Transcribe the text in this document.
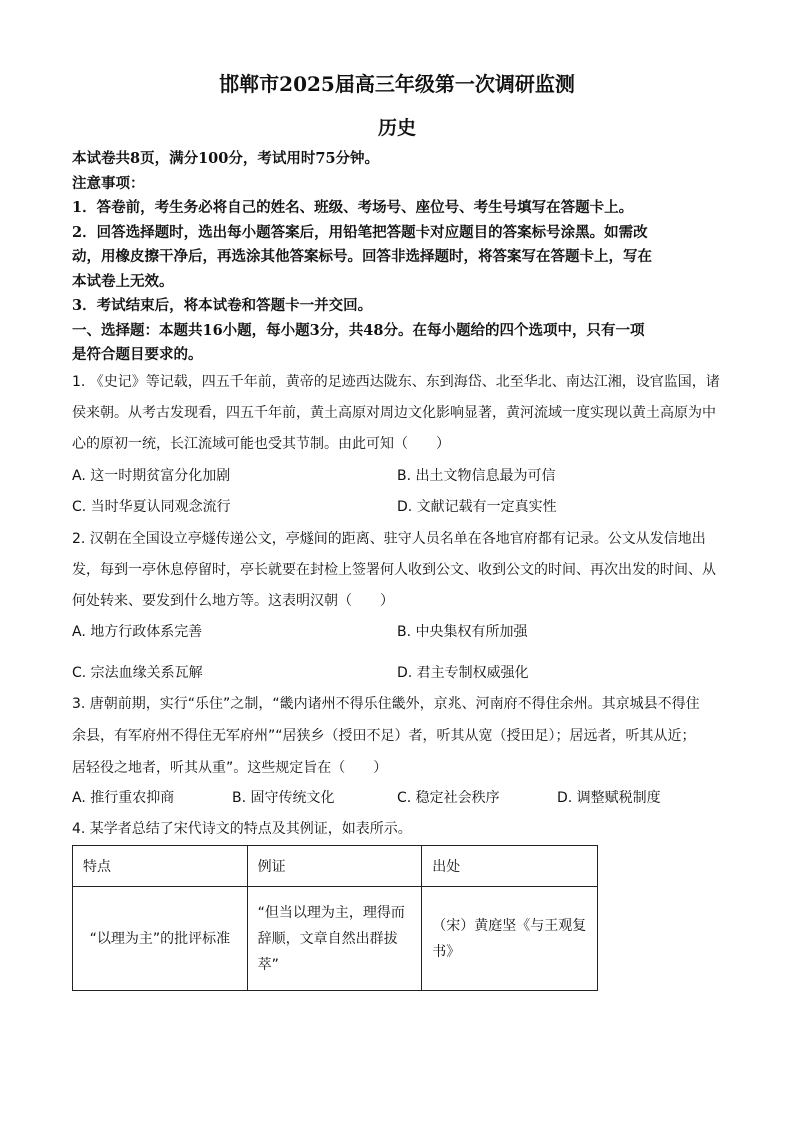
邯郸市2025届高三年级第一次调研监测
历史
本试卷共8页，满分100分，考试用时75分钟。
注意事项：
1．答卷前，考生务必将自己的姓名、班级、考场号、座位号、考生号填写在答题卡上。
2．回答选择题时，选出每小题答案后，用铅笔把答题卡对应题目的答案标号涂黑。如需改
动，用橡皮擦干净后，再选涂其他答案标号。回答非选择题时，将答案写在答题卡上，写在
本试卷上无效。
3．考试结束后，将本试卷和答题卡一并交回。
一、选择题：本题共16小题，每小题3分，共48分。在每小题给的四个选项中，只有一项
是符合题目要求的。
1. 《史记》等记载，四五千年前，黄帝的足迹西达陇东、东到海岱、北至华北、南达江湘，设官监国，诸
侯来朝。从考古发现看，四五千年前，黄土高原对周边文化影响显著，黄河流域一度实现以黄土高原为中
心的原初一统，长江流域可能也受其节制。由此可知（　　）
A. 这一时期贫富分化加剧	B. 出土文物信息最为可信
C. 当时华夏认同观念流行	D. 文献记载有一定真实性
2. 汉朝在全国设立亭燧传递公文，亭燧间的距离、驻守人员名单在各地官府都有记录。公文从发信地出
发，每到一亭休息停留时，亭长就要在封检上签署何人收到公文、收到公文的时间、再次出发的时间、从
何处转来、要发到什么地方等。这表明汉朝（　　）
A. 地方行政体系完善	B. 中央集权有所加强
C. 宗法血缘关系瓦解	D. 君主专制权威强化
3. 唐朝前期，实行“乐住”之制，“畿内诸州不得乐住畿外，京兆、河南府不得住余州。其京城县不得住
余县，有军府州不得住无军府州”“居狭乡（授田不足）者，听其从宽（授田足）；居远者，听其从近；
居轻役之地者，听其从重”。这些规定旨在（　　）
A. 推行重农抑商	B. 固守传统文化	C. 稳定社会秩序	D. 调整赋税制度
4. 某学者总结了宋代诗文的特点及其例证，如表所示。
特点	例证	出处
“以理为主”的批评标准	“但当以理为主，理得而辞顺，文章自然出群拔萃”	（宋）黄庭坚《与王观复书》
